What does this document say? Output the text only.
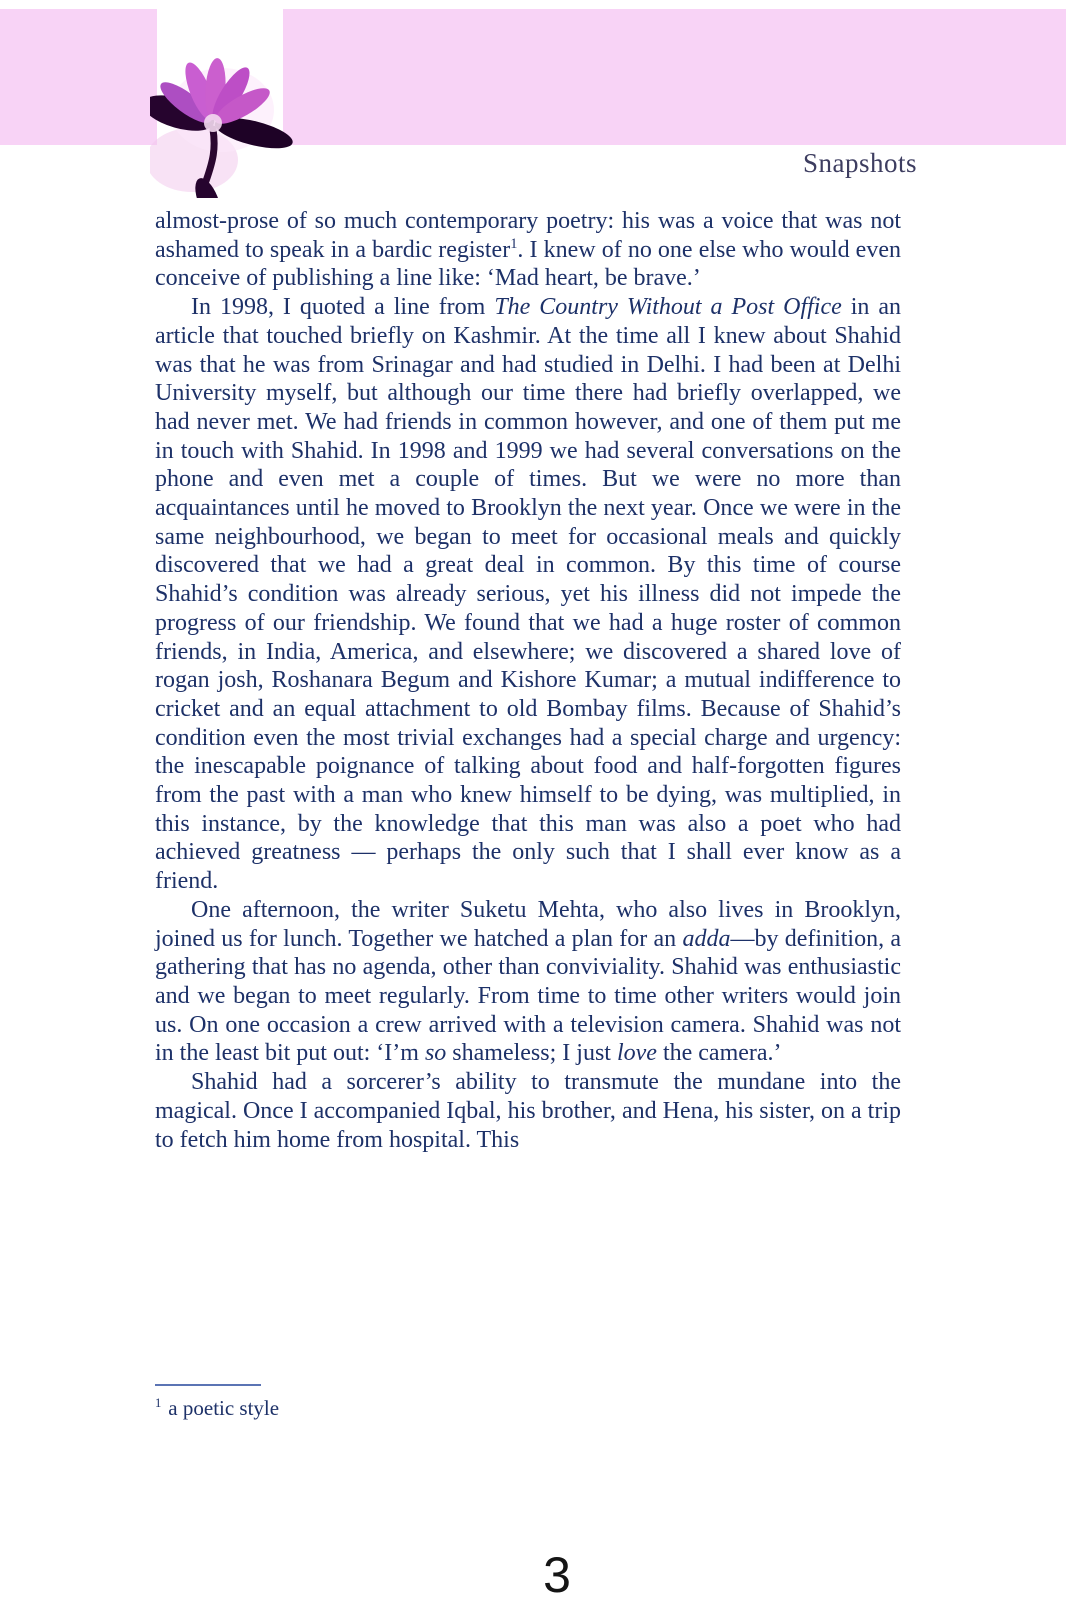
Snapshots

almost-prose of so much contemporary poetry: his was a voice that was not ashamed to speak in a bardic register$^1$. I knew of no one else who would even conceive of publishing a line like: ‘Mad heart, be brave.’

In 1998, I quoted a line from The Country Without a Post Office in an article that touched briefly on Kashmir. At the time all I knew about Shahid was that he was from Srinagar and had studied in Delhi. I had been at Delhi University myself, but although our time there had briefly overlapped, we had never met. We had friends in common however, and one of them put me in touch with Shahid. In 1998 and 1999 we had several conversations on the phone and even met a couple of times. But we were no more than acquaintances until he moved to Brooklyn the next year. Once we were in the same neighbourhood, we began to meet for occasional meals and quickly discovered that we had a great deal in common. By this time of course Shahid’s condition was already serious, yet his illness did not impede the progress of our friendship. We found that we had a huge roster of common friends, in India, America, and elsewhere; we discovered a shared love of rogan josh, Roshanara Begum and Kishore Kumar; a mutual indifference to cricket and an equal attachment to old Bombay films. Because of Shahid’s condition even the most trivial exchanges had a special charge and urgency: the inescapable poignance of talking about food and half-forgotten figures from the past with a man who knew himself to be dying, was multiplied, in this instance, by the knowledge that this man was also a poet who had achieved greatness — perhaps the only such that I shall ever know as a friend.

One afternoon, the writer Suketu Mehta, who also lives in Brooklyn, joined us for lunch. Together we hatched a plan for an adda—by definition, a gathering that has no agenda, other than conviviality. Shahid was enthusiastic and we began to meet regularly. From time to time other writers would join us. On one occasion a crew arrived with a television camera. Shahid was not in the least bit put out: ‘I’m so shameless; I just love the camera.’

Shahid had a sorcerer’s ability to transmute the mundane into the magical. Once I accompanied Iqbal, his brother, and Hena, his sister, on a trip to fetch him home from hospital. This

$^1$ a poetic style
3
